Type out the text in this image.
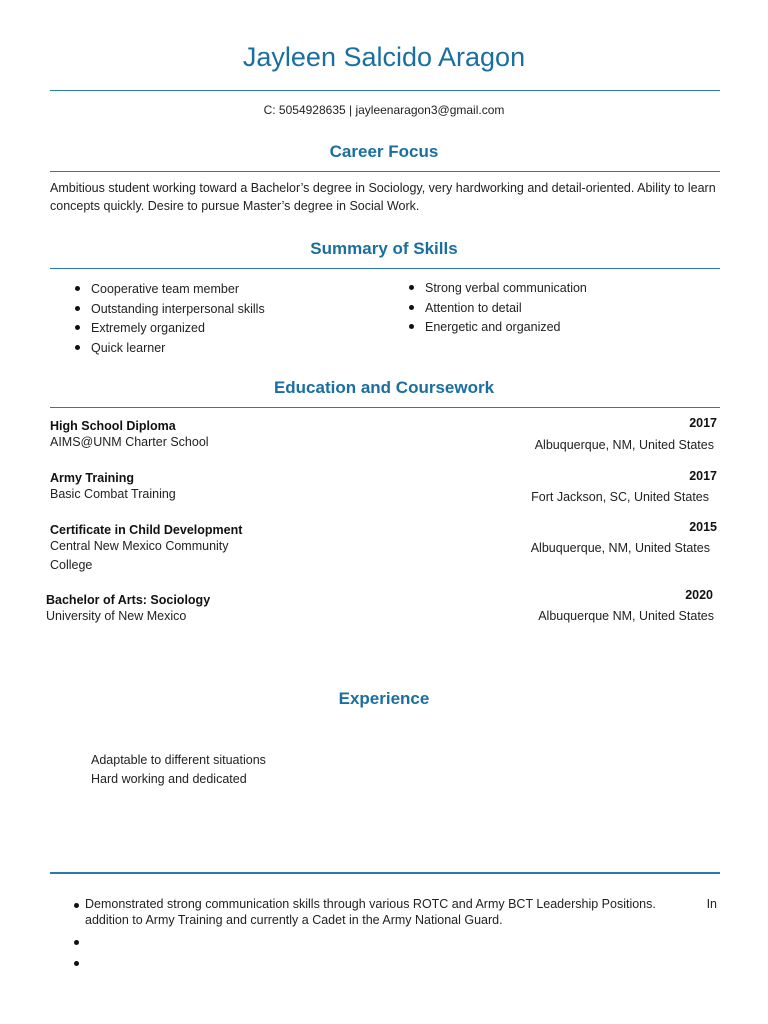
Jayleen Salcido Aragon
C: 5054928635 | jayleenaragon3@gmail.com
Career Focus
Ambitious student working toward a Bachelor’s degree in Sociology, very hardworking and detail-oriented. Ability to learn concepts quickly. Desire to pursue Master’s degree in Social Work.
Summary of Skills
Cooperative team member
Outstanding interpersonal skills
Extremely organized
Quick learner
Strong verbal communication
Attention to detail
Energetic and organized
Education and Coursework
High School Diploma
AIMS@UNM Charter School
2017
Albuquerque, NM, United States
Army Training
Basic Combat Training
2017
Fort Jackson, SC, United States
Certificate in Child Development
Central New Mexico Community
College
2015
Albuquerque, NM, United States
Bachelor of Arts: Sociology
University of New Mexico
2020
Albuquerque NM, United States
Experience
Adaptable to different situations
Hard working and dedicated
In
Demonstrated strong communication skills through various ROTC and Army BCT Leadership Positions.
addition to Army Training and currently a Cadet in the Army National Guard.
